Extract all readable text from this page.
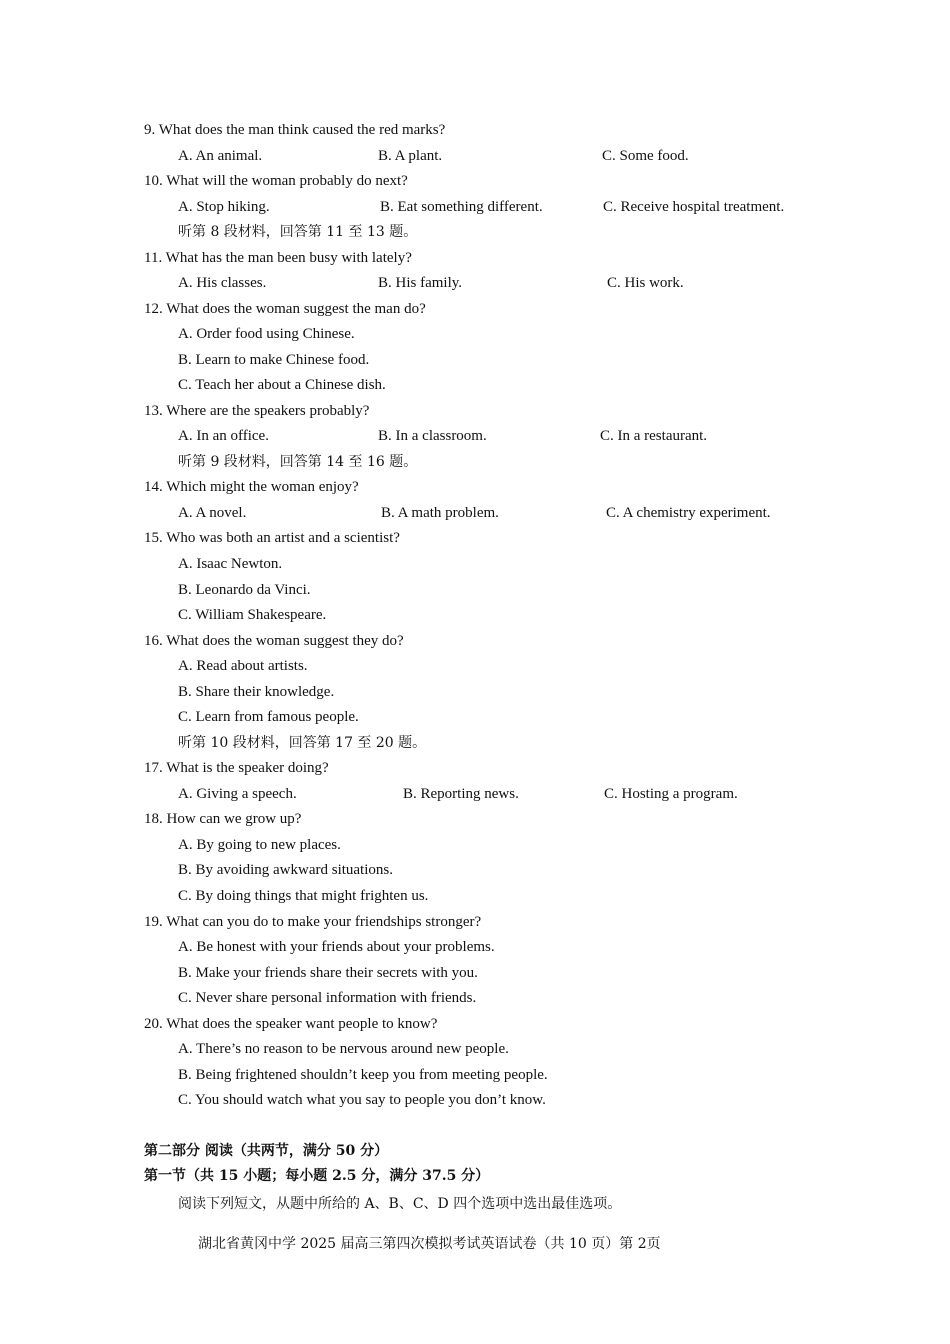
9. What does the man think caused the red marks?
A. An animal.	B. A plant.	C. Some food.
10. What will the woman probably do next?
A. Stop hiking.	B. Eat something different.	C. Receive hospital treatment.
听第 8 段材料，回答第 11 至 13 题。
11. What has the man been busy with lately?
A. His classes.	B. His family.	C. His work.
12. What does the woman suggest the man do?
A. Order food using Chinese.
B. Learn to make Chinese food.
C. Teach her about a Chinese dish.
13. Where are the speakers probably?
A. In an office.	B. In a classroom.	C. In a restaurant.
听第 9 段材料，回答第 14 至 16 题。
14. Which might the woman enjoy?
A. A novel.	B. A math problem.	C. A chemistry experiment.
15. Who was both an artist and a scientist?
A. Isaac Newton.
B. Leonardo da Vinci.
C. William Shakespeare.
16. What does the woman suggest they do?
A. Read about artists.
B. Share their knowledge.
C. Learn from famous people.
听第 10 段材料，回答第 17 至 20 题。
17. What is the speaker doing?
A. Giving a speech.	B. Reporting news.	C. Hosting a program.
18. How can we grow up?
A. By going to new places.
B. By avoiding awkward situations.
C. By doing things that might frighten us.
19. What can you do to make your friendships stronger?
A. Be honest with your friends about your problems.
B. Make your friends share their secrets with you.
C. Never share personal information with friends.
20. What does the speaker want people to know?
A. There’s no reason to be nervous around new people.
B. Being frightened shouldn’t keep you from meeting people.
C. You should watch what you say to people you don’t know.
第二部分 阅读（共两节，满分 50 分）
第一节（共 15 小题；每小题 2.5 分，满分 37.5 分）
阅读下列短文，从题中所给的 A、B、C、D 四个选项中选出最佳选项。
湖北省黄冈中学 2025 届高三第四次模拟考试英语试卷（共 10 页）第 2页
